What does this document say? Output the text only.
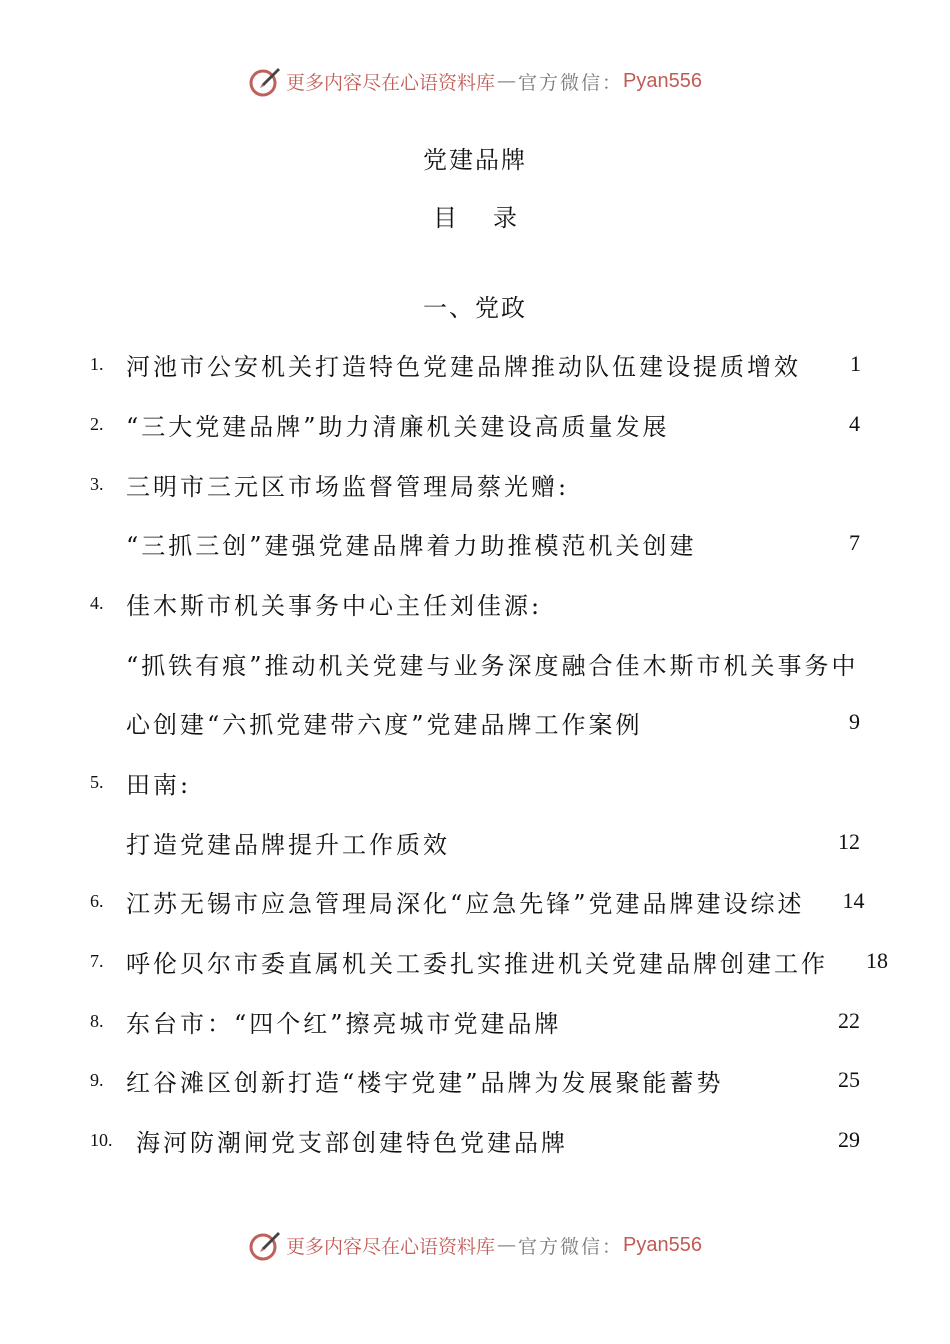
更多内容尽在心语资料库 — 官方微信： Pyan556
党建品牌
目录
一、党政
1. 河池市公安机关打造特色党建品牌推动队伍建设提质增效	1
2. “三大党建品牌”助力清廉机关建设高质量发展	4
3. 三明市三元区市场监督管理局蔡光赠:
“三抓三创”建强党建品牌着力助推模范机关创建	7
4. 佳木斯市机关事务中心主任刘佳源:
“抓铁有痕”推动机关党建与业务深度融合佳木斯市机关事务中
心创建“六抓党建带六度”党建品牌工作案例	9
5. 田南:
打造党建品牌提升工作质效	12
6. 江苏无锡市应急管理局深化“应急先锋”党建品牌建设综述	14
7. 呼伦贝尔市委直属机关工委扎实推进机关党建品牌创建工作	18
8. 东台市：“四个红”擦亮城市党建品牌	22
9. 红谷滩区创新打造“楼宇党建”品牌为发展聚能蓄势	25
10. 海河防潮闸党支部创建特色党建品牌	29
更多内容尽在心语资料库 — 官方微信： Pyan556
